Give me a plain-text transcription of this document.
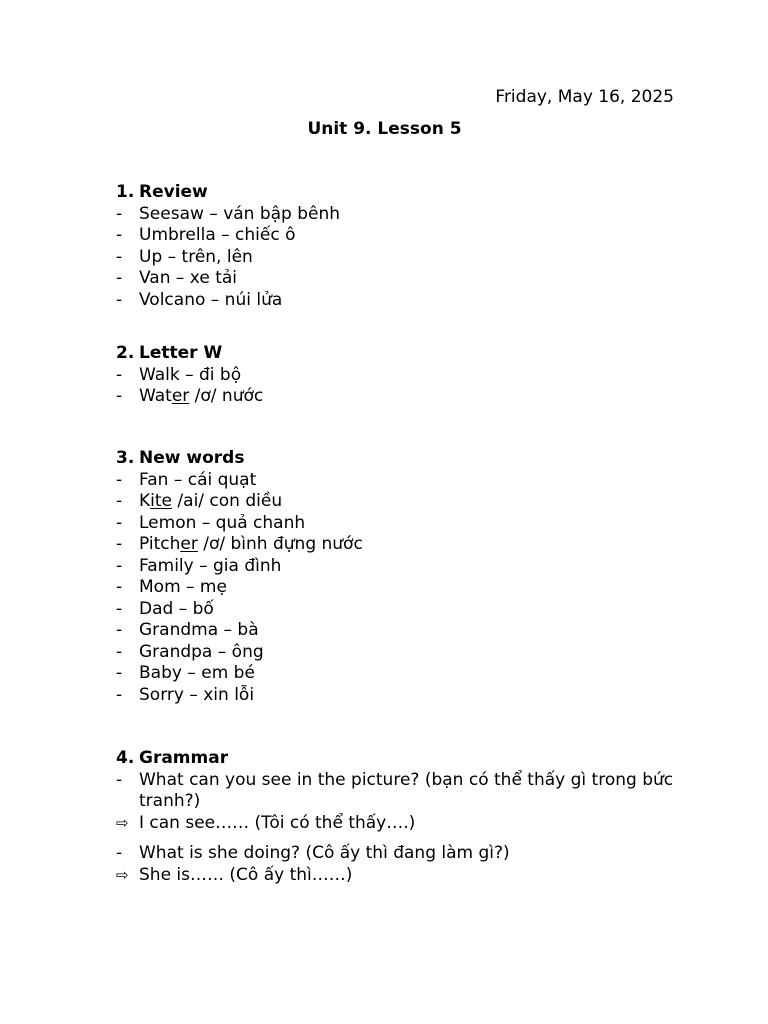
Friday, May 16, 2025
Unit 9. Lesson 5
1. Review
- Seesaw – ván bập bênh
- Umbrella – chiếc ô
- Up – trên, lên
- Van – xe tải
- Volcano – núi lửa
2. Letter W
- Walk – đi bộ
- Water /ơ/ nước
3. New words
- Fan – cái quạt
- Kite /ai/ con diều
- Lemon – quả chanh
- Pitcher /ơ/ bình đựng nước
- Family – gia đình
- Mom – mẹ
- Dad – bố
- Grandma – bà
- Grandpa – ông
- Baby – em bé
- Sorry – xin lỗi
4. Grammar
- What can you see in the picture? (bạn có thể thấy gì trong bức tranh?)
⇨ I can see…… (Tôi có thể thấy….)
- What is she doing? (Cô ấy thì đang làm gì?)
⇨ She is…… (Cô ấy thì……)
